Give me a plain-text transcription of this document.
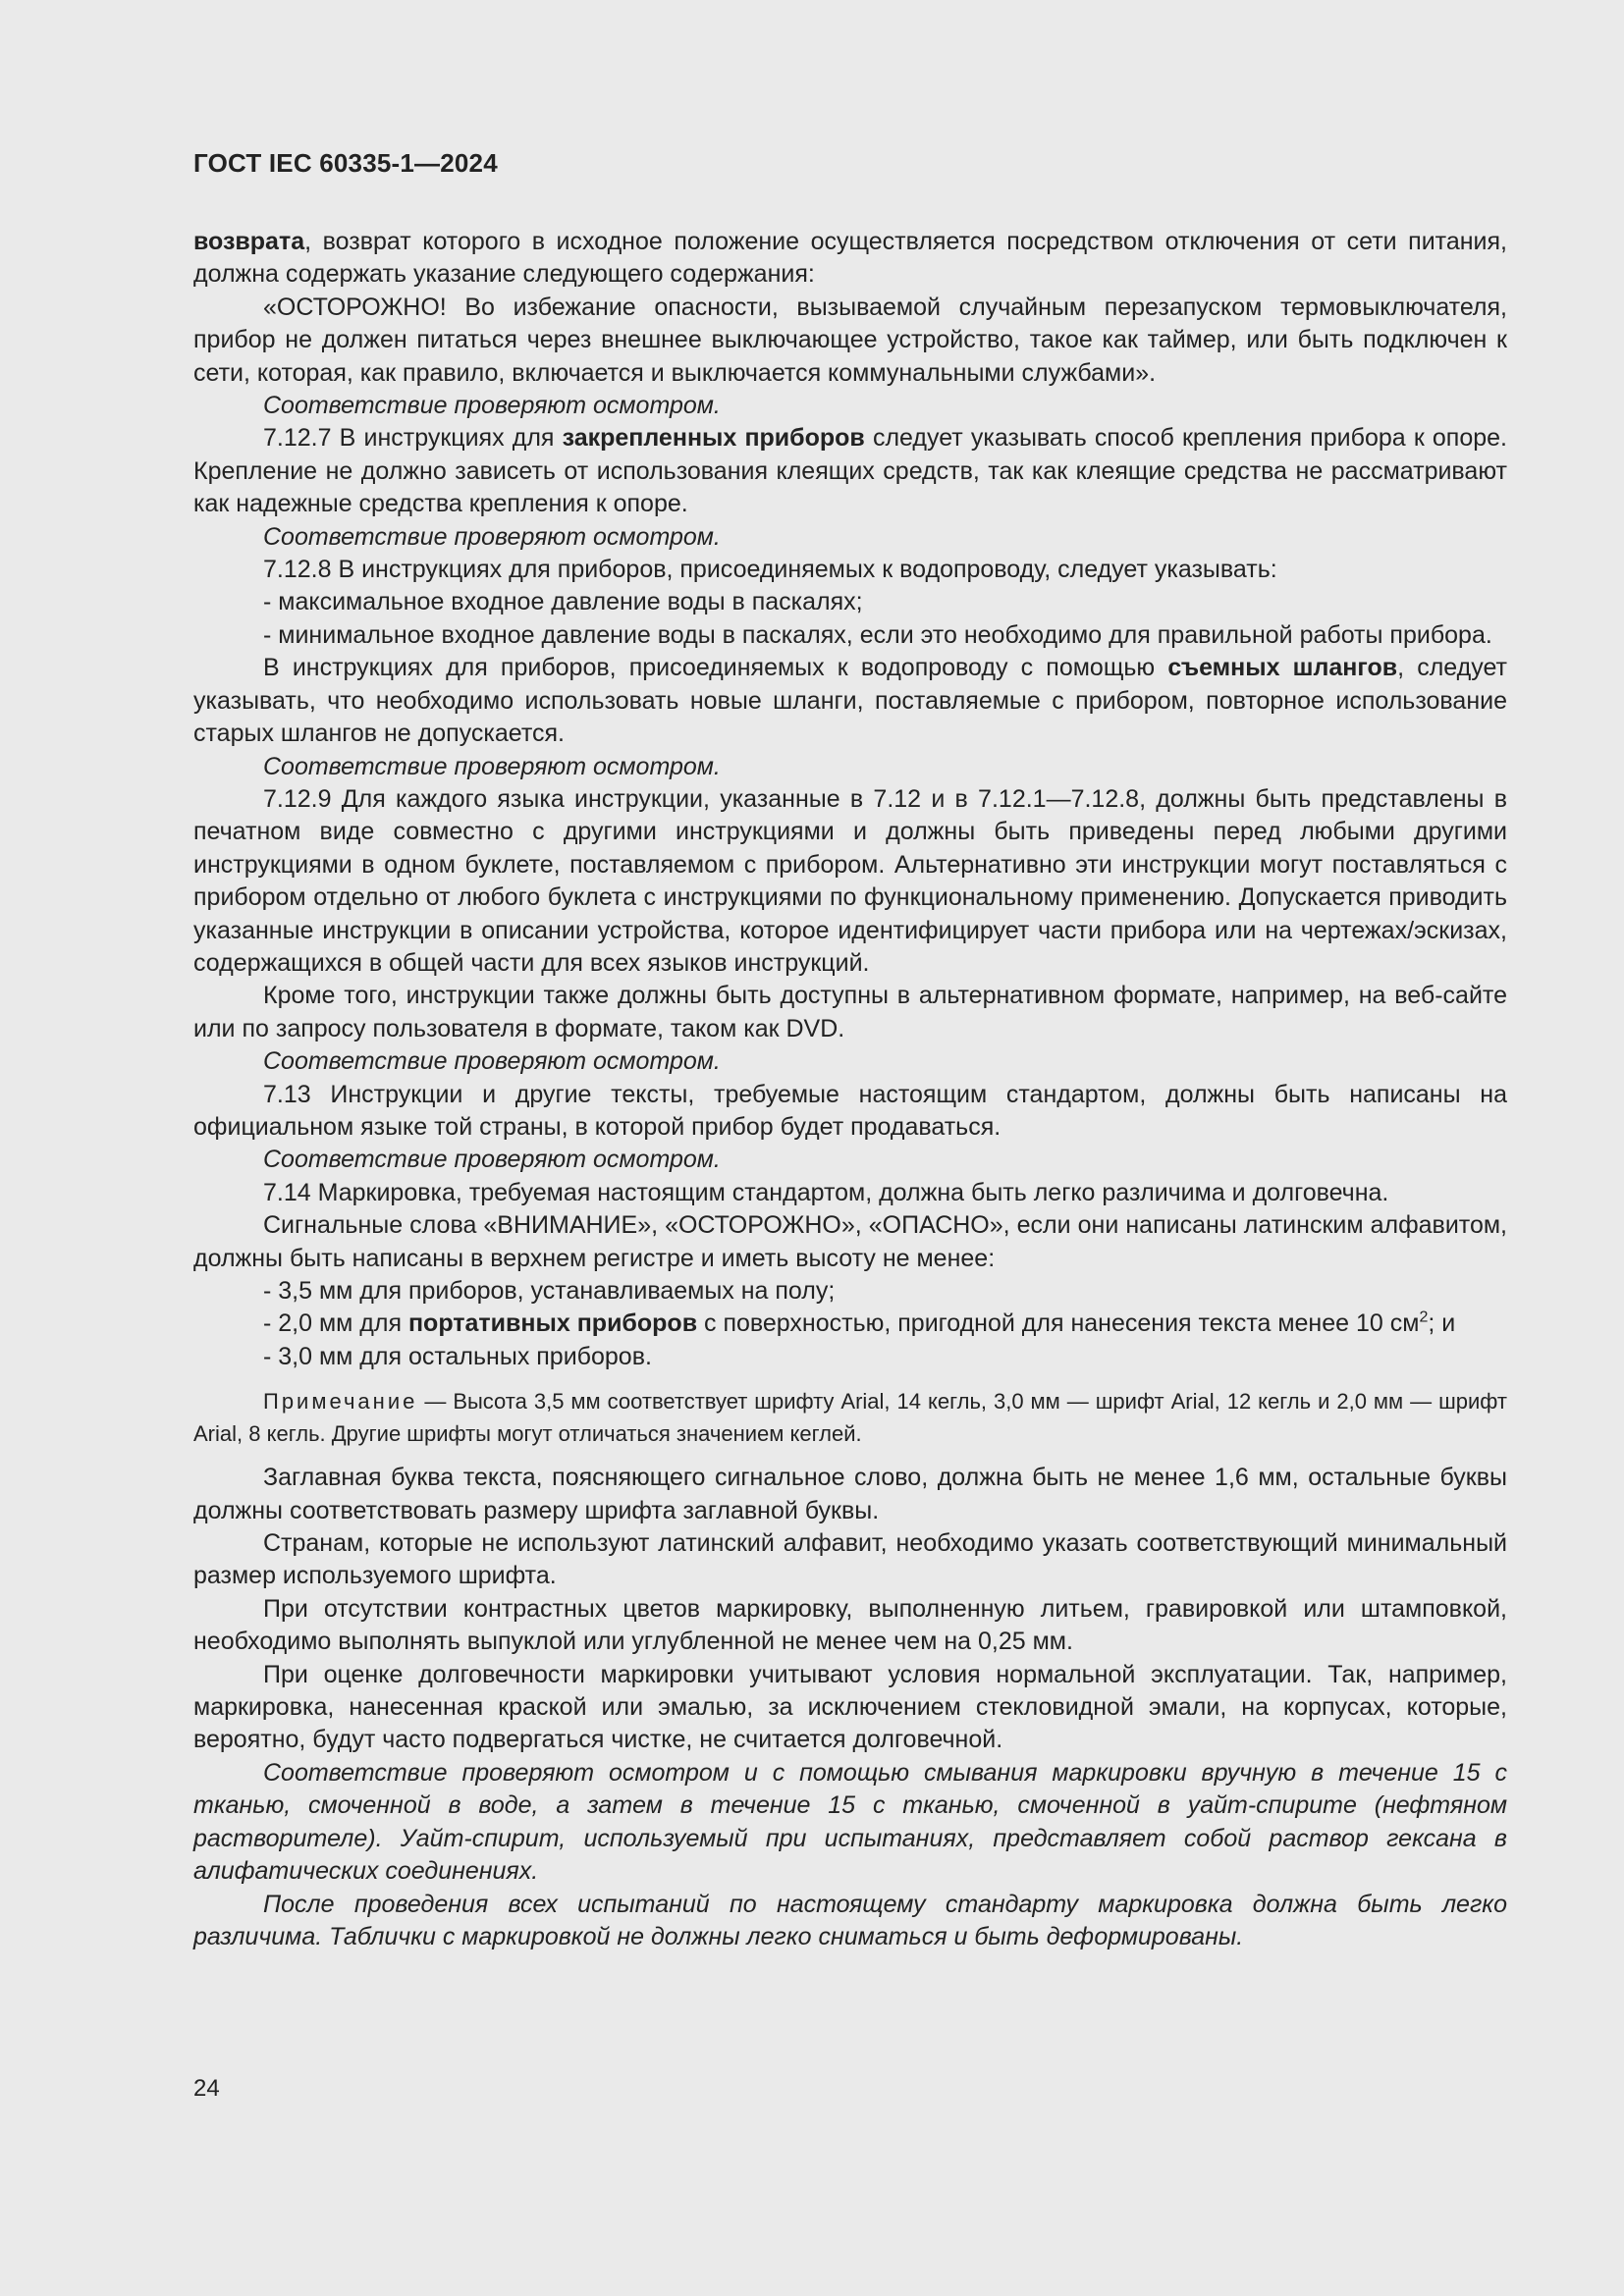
ГОСТ IEC 60335-1—2024

возврата, возврат которого в исходное положение осуществляется посредством отключения от сети питания, должна содержать указание следующего содержания:

«ОСТОРОЖНО! Во избежание опасности, вызываемой случайным перезапуском термовыключателя, прибор не должен питаться через внешнее выключающее устройство, такое как таймер, или быть подключен к сети, которая, как правило, включается и выключается коммунальными службами».

Соответствие проверяют осмотром.

7.12.7 В инструкциях для закрепленных приборов следует указывать способ крепления прибора к опоре. Крепление не должно зависеть от использования клеящих средств, так как клеящие средства не рассматривают как надежные средства крепления к опоре.

Соответствие проверяют осмотром.

7.12.8 В инструкциях для приборов, присоединяемых к водопроводу, следует указывать:

- максимальное входное давление воды в паскалях;

- минимальное входное давление воды в паскалях, если это необходимо для правильной работы прибора.

В инструкциях для приборов, присоединяемых к водопроводу с помощью съемных шлангов, следует указывать, что необходимо использовать новые шланги, поставляемые с прибором, повторное использование старых шлангов не допускается.

Соответствие проверяют осмотром.

7.12.9 Для каждого языка инструкции, указанные в 7.12 и в 7.12.1—7.12.8, должны быть представлены в печатном виде совместно с другими инструкциями и должны быть приведены перед любыми другими инструкциями в одном буклете, поставляемом с прибором. Альтернативно эти инструкции могут поставляться с прибором отдельно от любого буклета с инструкциями по функциональному применению. Допускается приводить указанные инструкции в описании устройства, которое идентифицирует части прибора или на чертежах/эскизах, содержащихся в общей части для всех языков инструкций.

Кроме того, инструкции также должны быть доступны в альтернативном формате, например, на веб-сайте или по запросу пользователя в формате, таком как DVD.

Соответствие проверяют осмотром.

7.13 Инструкции и другие тексты, требуемые настоящим стандартом, должны быть написаны на официальном языке той страны, в которой прибор будет продаваться.

Соответствие проверяют осмотром.

7.14 Маркировка, требуемая настоящим стандартом, должна быть легко различима и долговечна.

Сигнальные слова «ВНИМАНИЕ», «ОСТОРОЖНО», «ОПАСНО», если они написаны латинским алфавитом, должны быть написаны в верхнем регистре и иметь высоту не менее:

- 3,5 мм для приборов, устанавливаемых на полу;

- 2,0 мм для портативных приборов с поверхностью, пригодной для нанесения текста менее 10 $см^2$; и

- 3,0 мм для остальных приборов.

Примечание — Высота 3,5 мм соответствует шрифту Arial, 14 кегль, 3,0 мм — шрифт Arial, 12 кегль и 2,0 мм — шрифт Arial, 8 кегль. Другие шрифты могут отличаться значением кеглей.

Заглавная буква текста, поясняющего сигнальное слово, должна быть не менее 1,6 мм, остальные буквы должны соответствовать размеру шрифта заглавной буквы.

Странам, которые не используют латинский алфавит, необходимо указать соответствующий минимальный размер используемого шрифта.

При отсутствии контрастных цветов маркировку, выполненную литьем, гравировкой или штамповкой, необходимо выполнять выпуклой или углубленной не менее чем на 0,25 мм.

При оценке долговечности маркировки учитывают условия нормальной эксплуатации. Так, например, маркировка, нанесенная краской или эмалью, за исключением стекловидной эмали, на корпусах, которые, вероятно, будут часто подвергаться чистке, не считается долговечной.

Соответствие проверяют осмотром и с помощью смывания маркировки вручную в течение 15 с тканью, смоченной в воде, а затем в течение 15 с тканью, смоченной в уайт-спирите (нефтяном растворителе). Уайт-спирит, используемый при испытаниях, представляет собой раствор гексана в алифатических соединениях.

После проведения всех испытаний по настоящему стандарту маркировка должна быть легко различима. Таблички с маркировкой не должны легко сниматься и быть деформированы.

24
